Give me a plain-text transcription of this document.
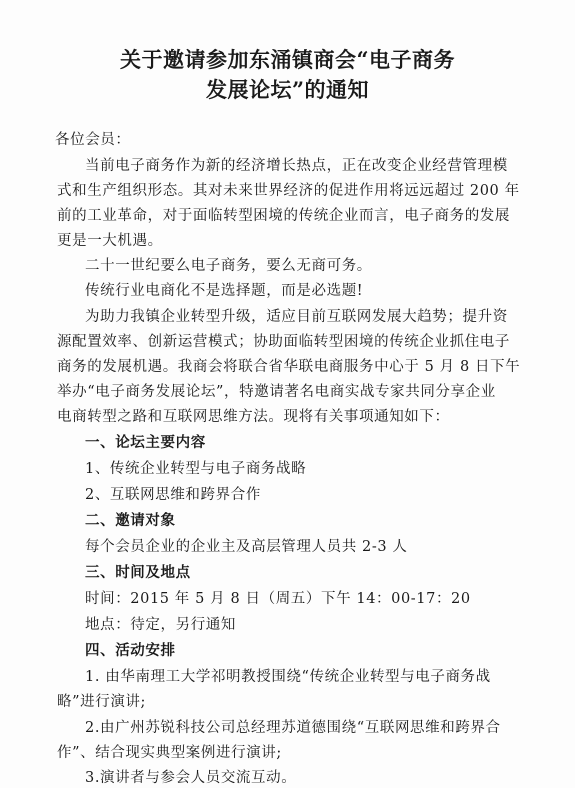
关于邀请参加东涌镇商会“电子商务
发展论坛”的通知
各位会员：
当前电子商务作为新的经济增长热点，正在改变企业经营管理模
式和生产组织形态。其对未来世界经济的促进作用将远远超过 200 年
前的工业革命，对于面临转型困境的传统企业而言，电子商务的发展
更是一大机遇。
二十一世纪要么电子商务，要么无商可务。
传统行业电商化不是选择题，而是必选题!
为助力我镇企业转型升级，适应目前互联网发展大趋势；提升资
源配置效率、创新运营模式；协助面临转型困境的传统企业抓住电子
商务的发展机遇。我商会将联合省华联电商服务中心于 5 月 8 日下午
举办“电子商务发展论坛”，特邀请著名电商实战专家共同分享企业
电商转型之路和互联网思维方法。现将有关事项通知如下：
一、论坛主要内容
1、传统企业转型与电子商务战略
2、互联网思维和跨界合作
二、邀请对象
每个会员企业的企业主及高层管理人员共 2-3 人
三、时间及地点
时间：2015 年 5 月 8 日（周五）下午 14：00-17：20
地点：待定，另行通知
四、活动安排
1. 由华南理工大学祁明教授围绕“传统企业转型与电子商务战
略”进行演讲;
2.由广州苏锐科技公司总经理苏道德围绕“互联网思维和跨界合
作”、结合现实典型案例进行演讲;
3.演讲者与参会人员交流互动。
